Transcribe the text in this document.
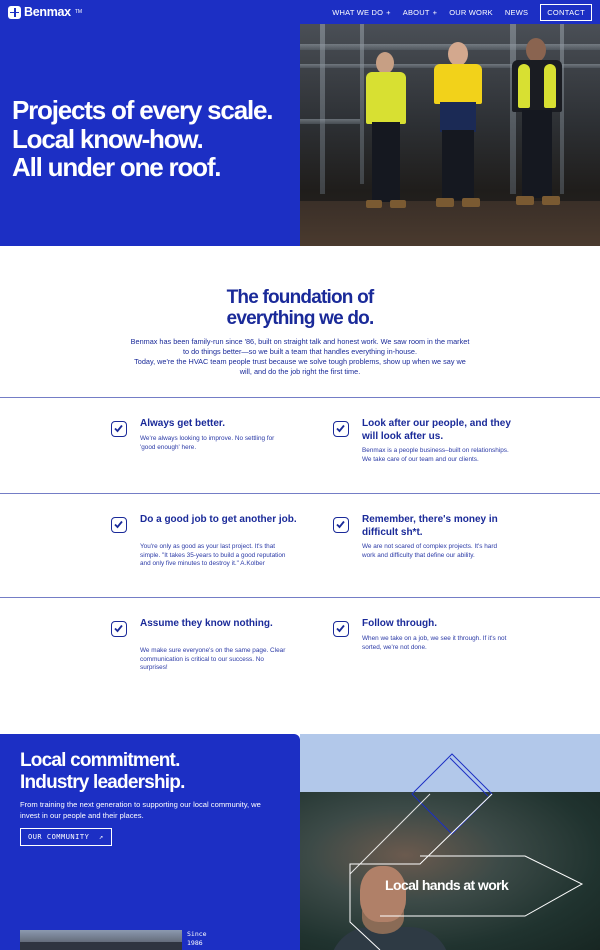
Projects of every scale.
Local know-how.
All under one roof.
Benmax TM	WHAT WE DO + ABOUT + OUR WORK NEWS	CONTACT
The foundation of
everything we do.

Benmax has been family-run since '86, built on straight talk and honest work. We saw room in the market to do things better—so we built a team that handles everything in-house.

Today, we're the HVAC team people trust because we solve tough problems, show up when we say we will, and do the job right the first time.

Always get better.
We're always looking to improve. No settling for 'good enough' here.
Look after our people, and they will look after us.
Benmax is a people business–built on relationships. We take care of our team and our clients.
Do a good job to get another job.
You're only as good as your last project. It's that simple. "It takes 35-years to build a good reputation and only five minutes to destroy it." A.Kolber
Remember, there's money in difficult sh*t.
We are not scared of complex projects. It's hard work and difficulty that define our ability.
Assume they know nothing.
We make sure everyone's on the same page. Clear communication is critical to our success. No surprises!
Follow through.
When we take on a job, we see it through. If it's not sorted, we're not done.
Local commitment.
Industry leadership.

From training the next generation to supporting our local community, we invest in our people and their places.

OUR COMMUNITY ↗
Since
1986
Local hands at work
